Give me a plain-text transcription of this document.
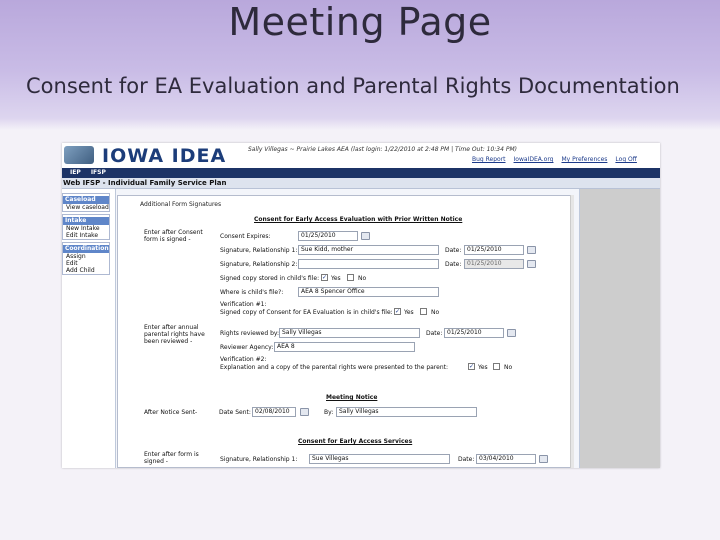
Meeting Page
Consent for EA Evaluation and Parental Rights Documentation
IOWA IDEA	Sally Villegas ~ Prairie Lakes AEA (last login: 1/22/2010 at 2:48 PM | Time Out: 10:34 PM)
Bug Report IowaIDEA.org My Preferences Log Off
IEP IFSP
Web IFSP - Individual Family Service Plan
Caseload
View caseload
Intake
New Intake
Edit Intake
Coordination
Assign
Edit
Add Child
Additional Form Signatures
Consent for Early Access Evaluation with Prior Written Notice
Enter after Consent form is signed -	Consent Expires:	01/25/2010
Signature, Relationship 1: Sue Kidd, mother	Date: 01/25/2010
Signature, Relationship 2:	Date: 01/25/2010
Signed copy stored in child's file: ✓ Yes	No
Where is child's file?:	AEA 8 Spencer Office
Verification #1:
Signed copy of Consent for EA Evaluation is in child's file: ✓ Yes	No
Enter after annual parental rights have been reviewed -
Rights reviewed by: Sally Villegas	Date: 01/25/2010
Reviewer Agency: AEA 8
Verification #2:
Explanation and a copy of the parental rights were presented to the parent:	✓ Yes	No
Meeting Notice
After Notice Sent-	Date Sent: 02/08/2010	By: Sally Villegas
Consent for Early Access Services
Enter after form is signed -	Signature, Relationship 1:	Sue Villegas	Date: 03/04/2010
